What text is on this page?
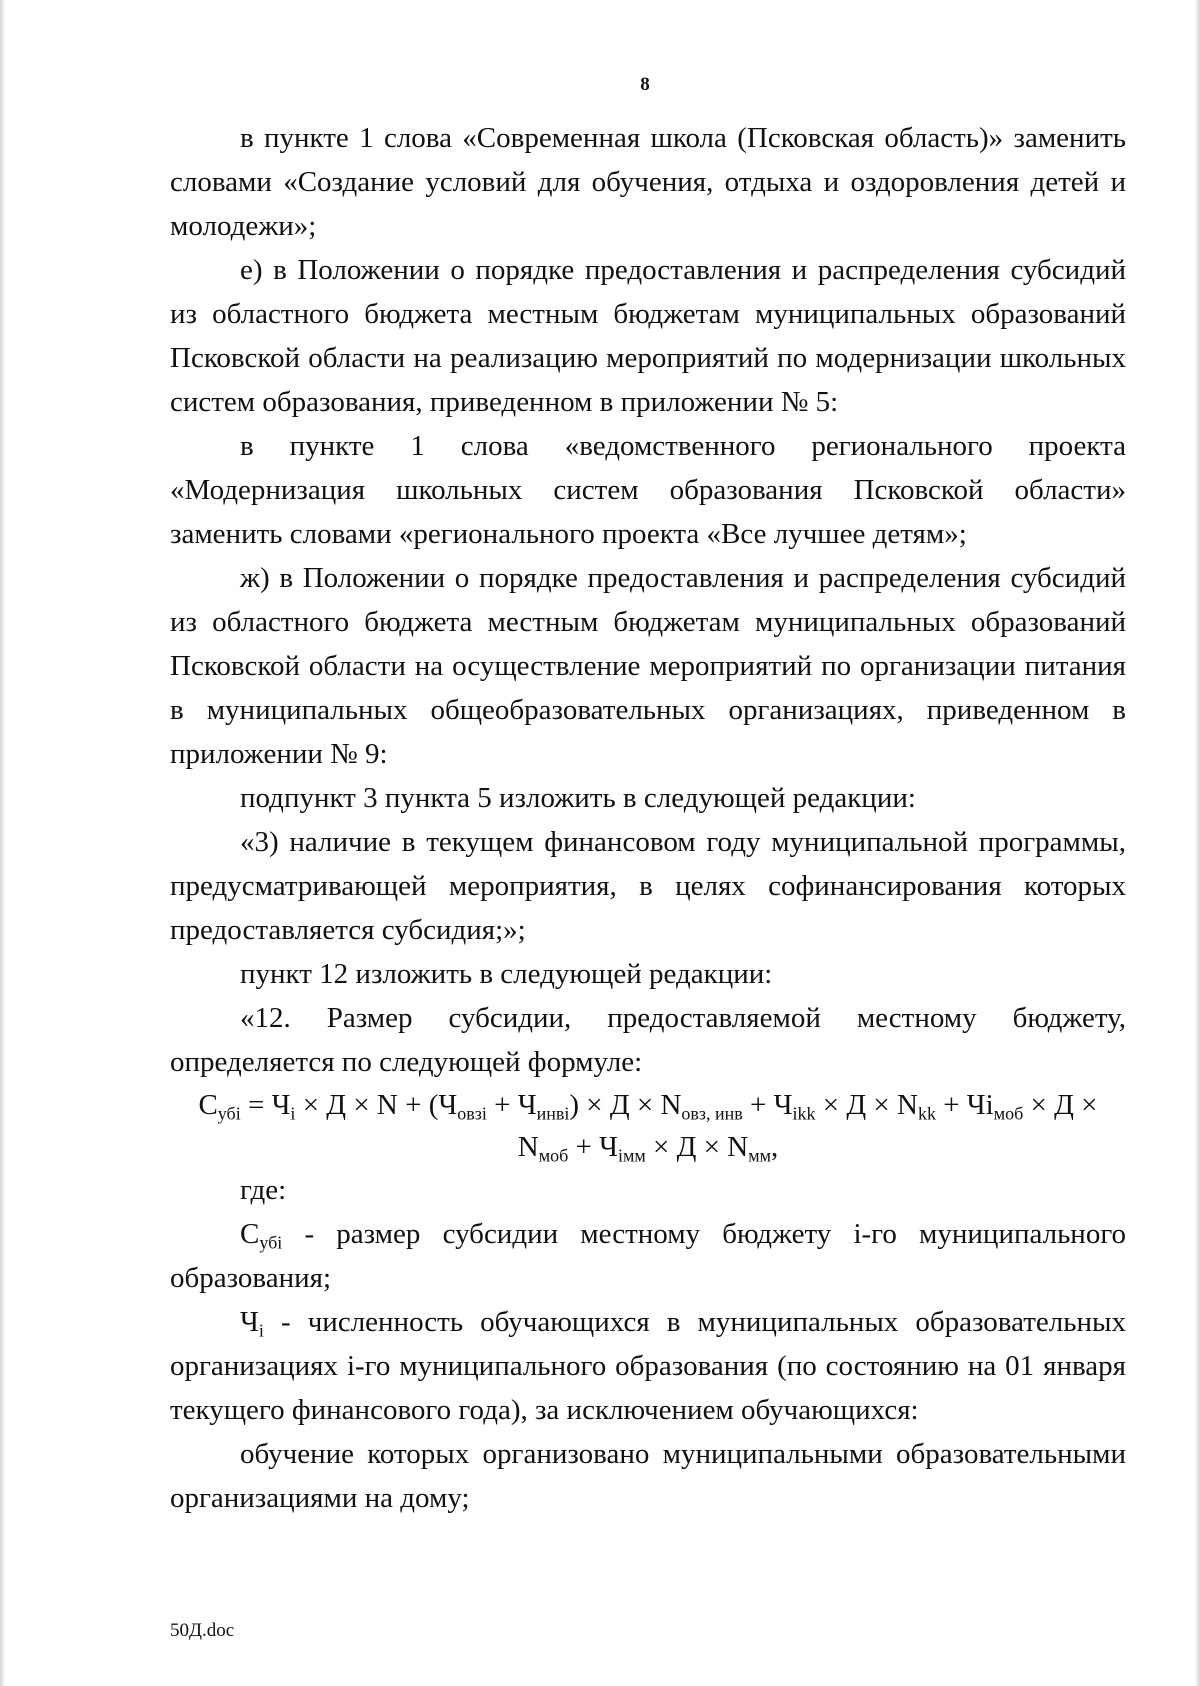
8

в пункте 1 слова «Современная школа (Псковская область)» заменить словами «Создание условий для обучения, отдыха и оздоровления детей и молодежи»;

е) в Положении о порядке предоставления и распределения субсидий из областного бюджета местным бюджетам муниципальных образований Псковской области на реализацию мероприятий по модернизации школьных систем образования, приведенном в приложении № 5:

в пункте 1 слова «ведомственного регионального проекта «Модернизация школьных систем образования Псковской области» заменить словами «регионального проекта «Все лучшее детям»;

ж) в Положении о порядке предоставления и распределения субсидий из областного бюджета местным бюджетам муниципальных образований Псковской области на осуществление мероприятий по организации питания в муниципальных общеобразовательных организациях, приведенном в приложении № 9:

подпункт 3 пункта 5 изложить в следующей редакции:

«3) наличие в текущем финансовом году муниципальной программы, предусматривающей мероприятия, в целях софинансирования которых предоставляется субсидия;»;

пункт 12 изложить в следующей редакции:

«12. Размер субсидии, предоставляемой местному бюджету, определяется по следующей формуле:

$C_{убi} = Ч_i \times Д \times N + (Ч_{овзi} + Ч_{инвi}) \times Д \times N_{овз, инв} + Ч_{ikk} \times Д \times N_{kk} + Чi_{моб} \times Д$ ×

$N_{моб} + Ч_{iмм} \times Д \times N_{мм}$,

где:

$C_{убi}$ - размер субсидии местному бюджету i-го муниципального образования;

$Ч_i$ - численность обучающихся в муниципальных образовательных организациях i-го муниципального образования (по состоянию на 01 января текущего финансового года), за исключением обучающихся:

обучение которых организовано муниципальными образовательными организациями на дому;

50Д.doc
